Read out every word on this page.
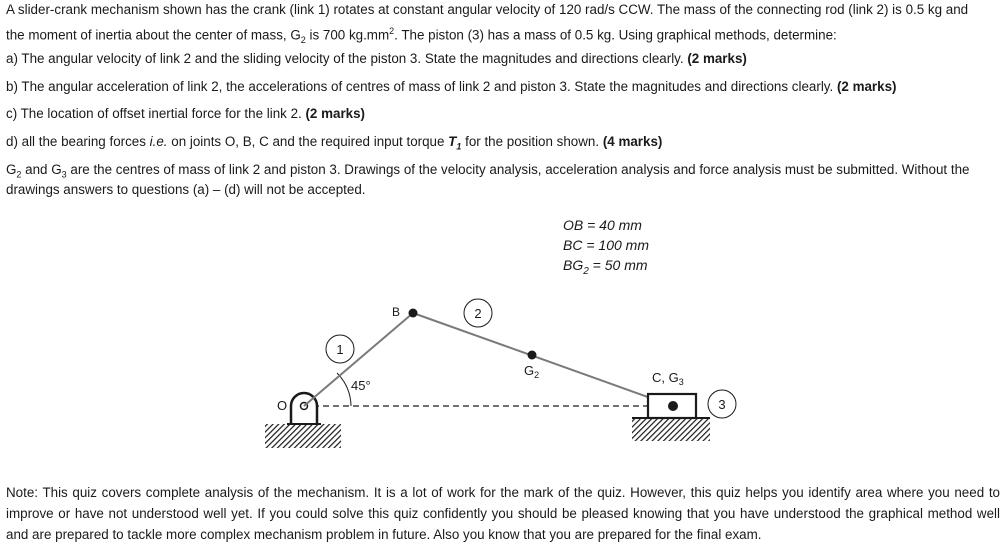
A slider-crank mechanism shown has the crank (link 1) rotates at constant angular velocity of 120 rad/s CCW. The mass of the connecting rod (link 2) is 0.5 kg and
the moment of inertia about the center of mass, $G_2$ is 700 $kg.mm^2$. The piston (3) has a mass of 0.5 kg. Using graphical methods, determine:
a) The angular velocity of link 2 and the sliding velocity of the piston 3. State the magnitudes and directions clearly. (2 marks)
b) The angular acceleration of link 2, the accelerations of centres of mass of link 2 and piston 3. State the magnitudes and directions clearly. (2 marks)
c) The location of offset inertial force for the link 2. (2 marks)
d) all the bearing forces i.e. on joints O, B, C and the required input torque $T_1$ for the position shown. (4 marks)
$G_2$ and $G_3$ are the centres of mass of link 2 and piston 3. Drawings of the velocity analysis, acceleration analysis and force analysis must be submitted. Without the
drawings answers to questions (a) – (d) will not be accepted.
OB = 40 mm
BC = 100 mm
$BG_2 = 50$ mm
O
45°
B
$G_2$	C, $G_3$
1
2
3
Note: This quiz covers complete analysis of the mechanism. It is a lot of work for the mark of the quiz. However, this quiz helps you identify area where you need to improve or have not understood well yet. If you could solve this quiz confidently you should be pleased knowing that you have understood the graphical method well and are prepared to tackle more complex mechanism problem in future. Also you know that you are prepared for the final exam.
